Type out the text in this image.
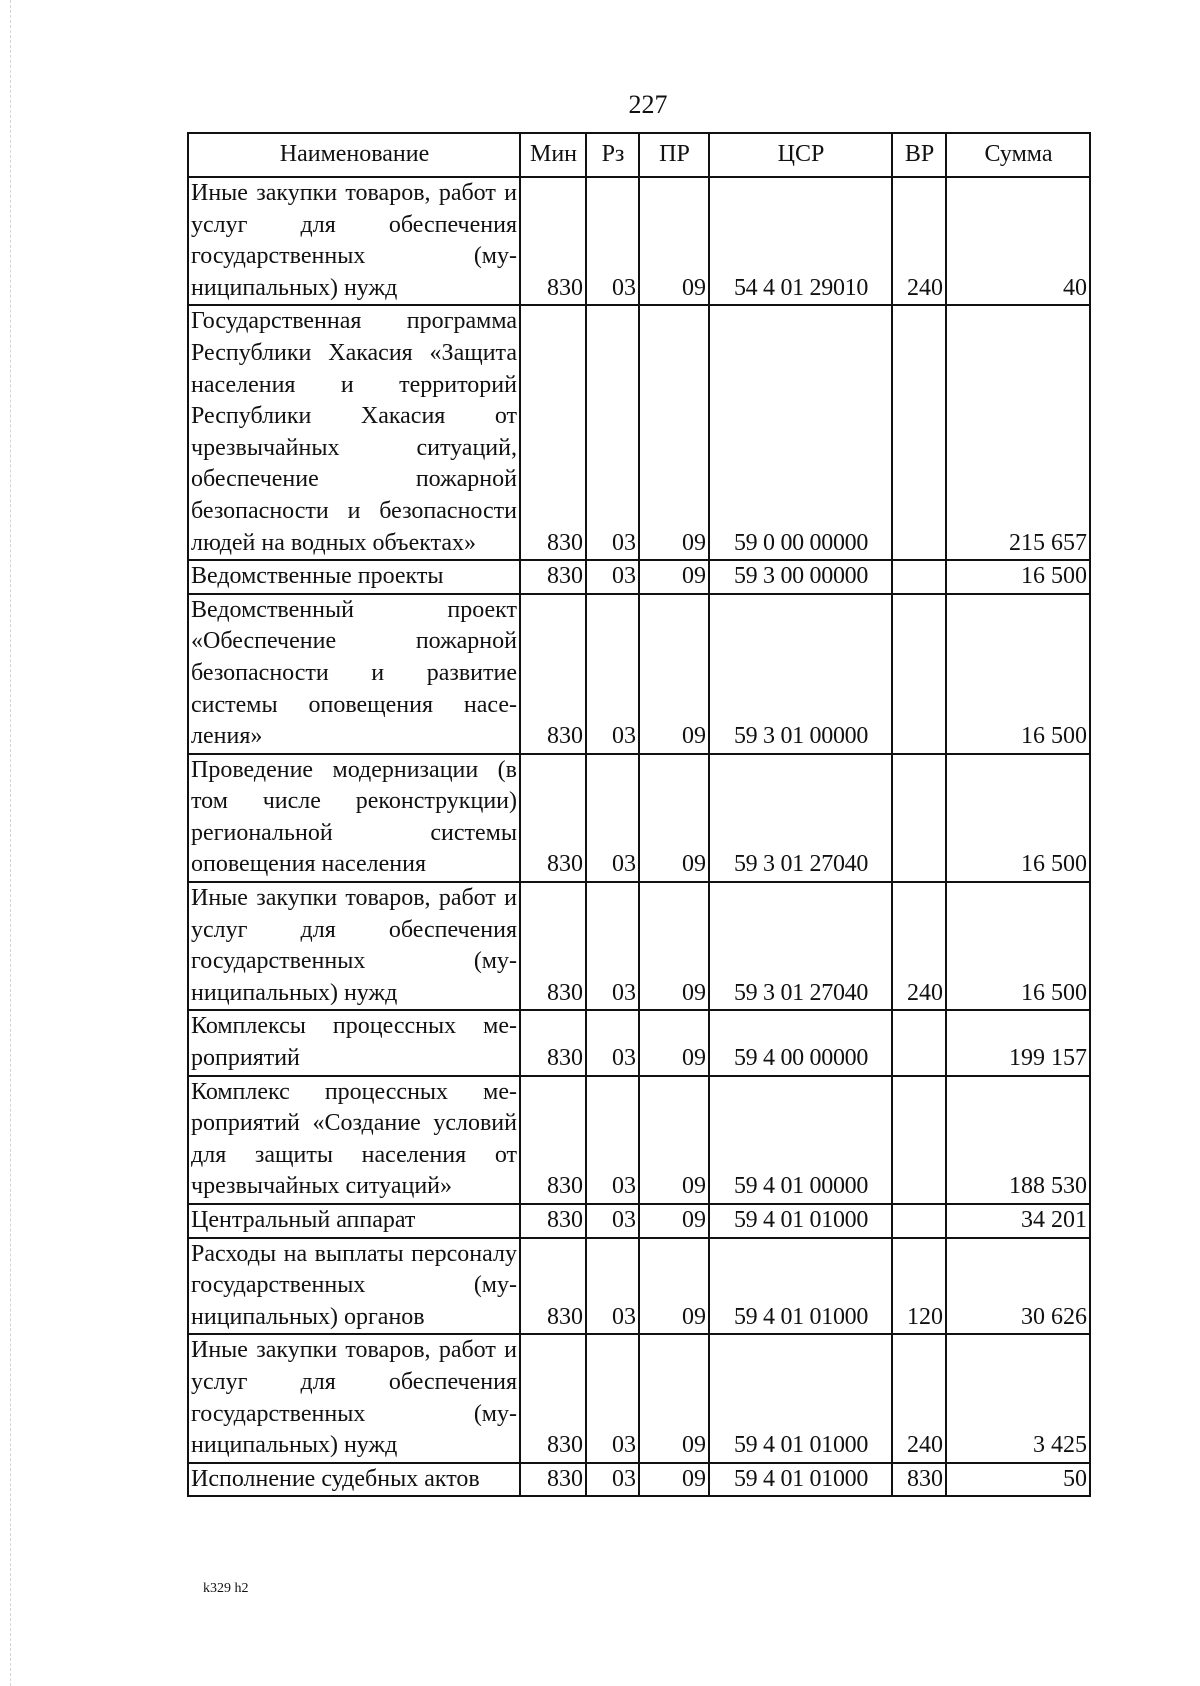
227
Наименование	Мин	Рз	ПР	ЦСР	ВР	Сумма
Иные закупки товаров, работ и услуг для обеспечения государственных (муниципальных) нужд	830	03	09	54 4 01 29010	240	40
Государственная программа Республики Хакасия «Защита населения и территорий Республики Хакасия от чрезвычайных ситуаций, обеспечение пожарной безопасности и безопасности людей на водных объектах»	830	03	09	59 0 00 00000		215 657
Ведомственные проекты	830	03	09	59 3 00 00000		16 500
Ведомственный проект «Обеспечение пожарной безопасности и развитие системы оповещения населения»	830	03	09	59 3 01 00000		16 500
Проведение модернизации (в том числе реконструкции) региональной системы оповещения населения	830	03	09	59 3 01 27040		16 500
Иные закупки товаров, работ и услуг для обеспечения государственных (муниципальных) нужд	830	03	09	59 3 01 27040	240	16 500
Комплексы процессных мероприятий	830	03	09	59 4 00 00000		199 157
Комплекс процессных мероприятий «Создание условий для защиты населения от чрезвычайных ситуаций»	830	03	09	59 4 01 00000		188 530
Центральный аппарат	830	03	09	59 4 01 01000		34 201
Расходы на выплаты персоналу государственных (муниципальных) органов	830	03	09	59 4 01 01000	120	30 626
Иные закупки товаров, работ и услуг для обеспечения государственных (муниципальных) нужд	830	03	09	59 4 01 01000	240	3 425
Исполнение судебных актов	830	03	09	59 4 01 01000	830	50
k329 h2
